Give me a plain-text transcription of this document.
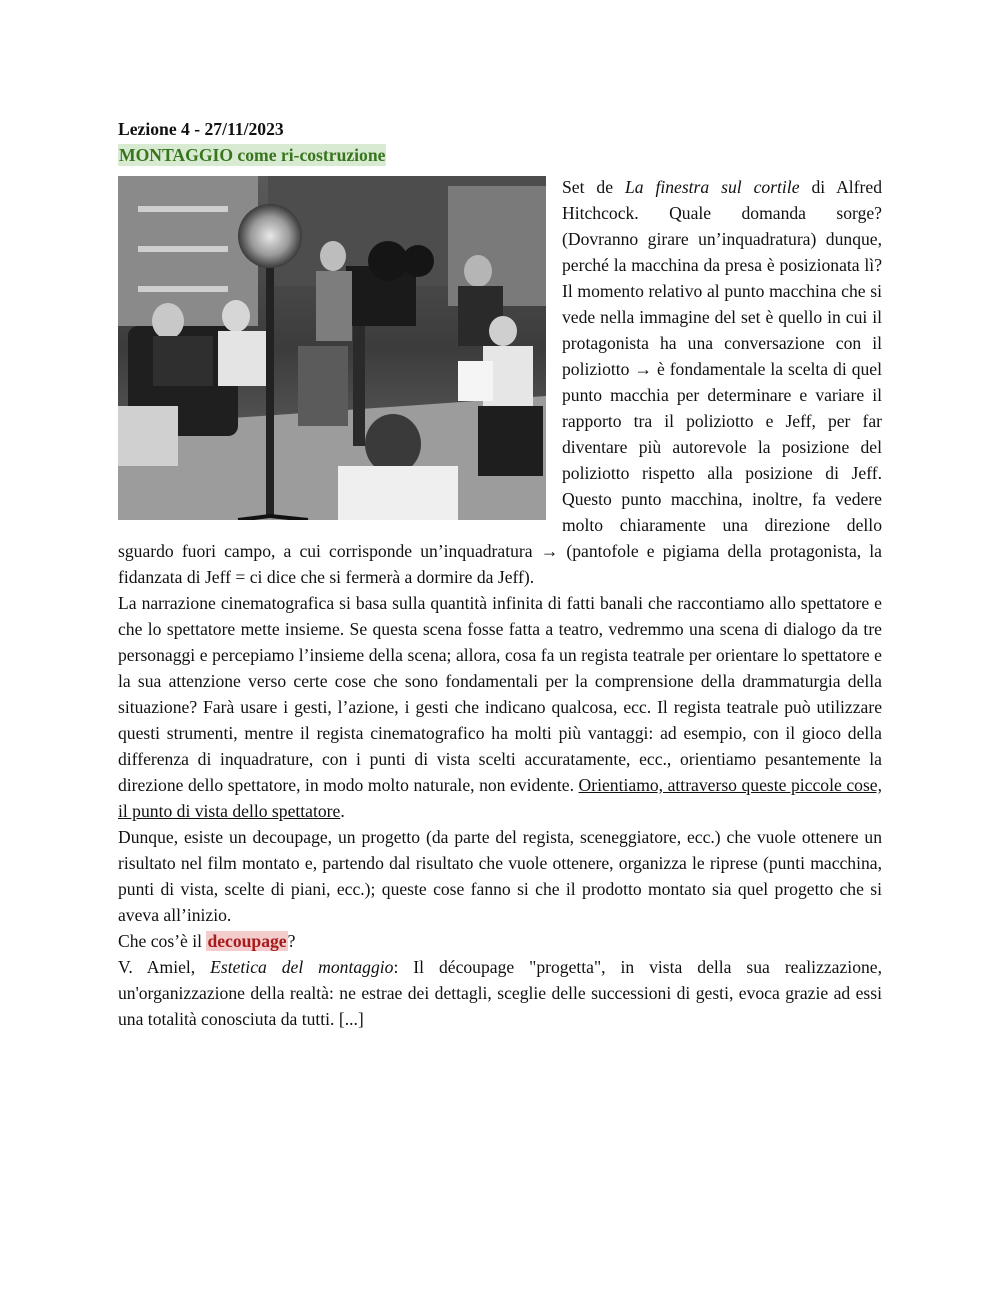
Lezione 4 - 27/11/2023
MONTAGGIO come ri-costruzione

Set de La finestra sul cortile di Alfred Hitchcock. Quale domanda sorge? (Dovranno girare un’inquadratura) dunque, perché la macchina da presa è posizionata lì? Il momento relativo al punto macchina che si vede nella immagine del set è quello in cui il protagonista ha una conversazione con il poliziotto → è fondamentale la scelta di quel punto macchia per determinare e variare il rapporto tra il poliziotto e Jeff, per far diventare più autorevole la posizione del poliziotto rispetto alla posizione di Jeff. Questo punto macchina, inoltre, fa vedere molto chiaramente una direzione dello sguardo fuori campo, a cui corrisponde un’inquadratura → (pantofole e pigiama della protagonista, la fidanzata di Jeff = ci dice che si fermerà a dormire da Jeff).

La narrazione cinematografica si basa sulla quantità infinita di fatti banali che raccontiamo allo spettatore e che lo spettatore mette insieme. Se questa scena fosse fatta a teatro, vedremmo una scena di dialogo da tre personaggi e percepiamo l’insieme della scena; allora, cosa fa un regista teatrale per orientare lo spettatore e la sua attenzione verso certe cose che sono fondamentali per la comprensione della drammaturgia della situazione? Farà usare i gesti, l’azione, i gesti che indicano qualcosa, ecc. Il regista teatrale può utilizzare questi strumenti, mentre il regista cinematografico ha molti più vantaggi: ad esempio, con il gioco della differenza di inquadrature, con i punti di vista scelti accuratamente, ecc., orientiamo pesantemente la direzione dello spettatore, in modo molto naturale, non evidente. Orientiamo, attraverso queste piccole cose, il punto di vista dello spettatore.

Dunque, esiste un decoupage, un progetto (da parte del regista, sceneggiatore, ecc.) che vuole ottenere un risultato nel film montato e, partendo dal risultato che vuole ottenere, organizza le riprese (punti macchina, punti di vista, scelte di piani, ecc.); queste cose fanno si che il prodotto montato sia quel progetto che si aveva all’inizio.

Che cos’è il decoupage?

V. Amiel, Estetica del montaggio: Il découpage "progetta", in vista della sua realizzazione, un'organizzazione della realtà: ne estrae dei dettagli, sceglie delle successioni di gesti, evoca grazie ad essi una totalità conosciuta da tutti. [...]
